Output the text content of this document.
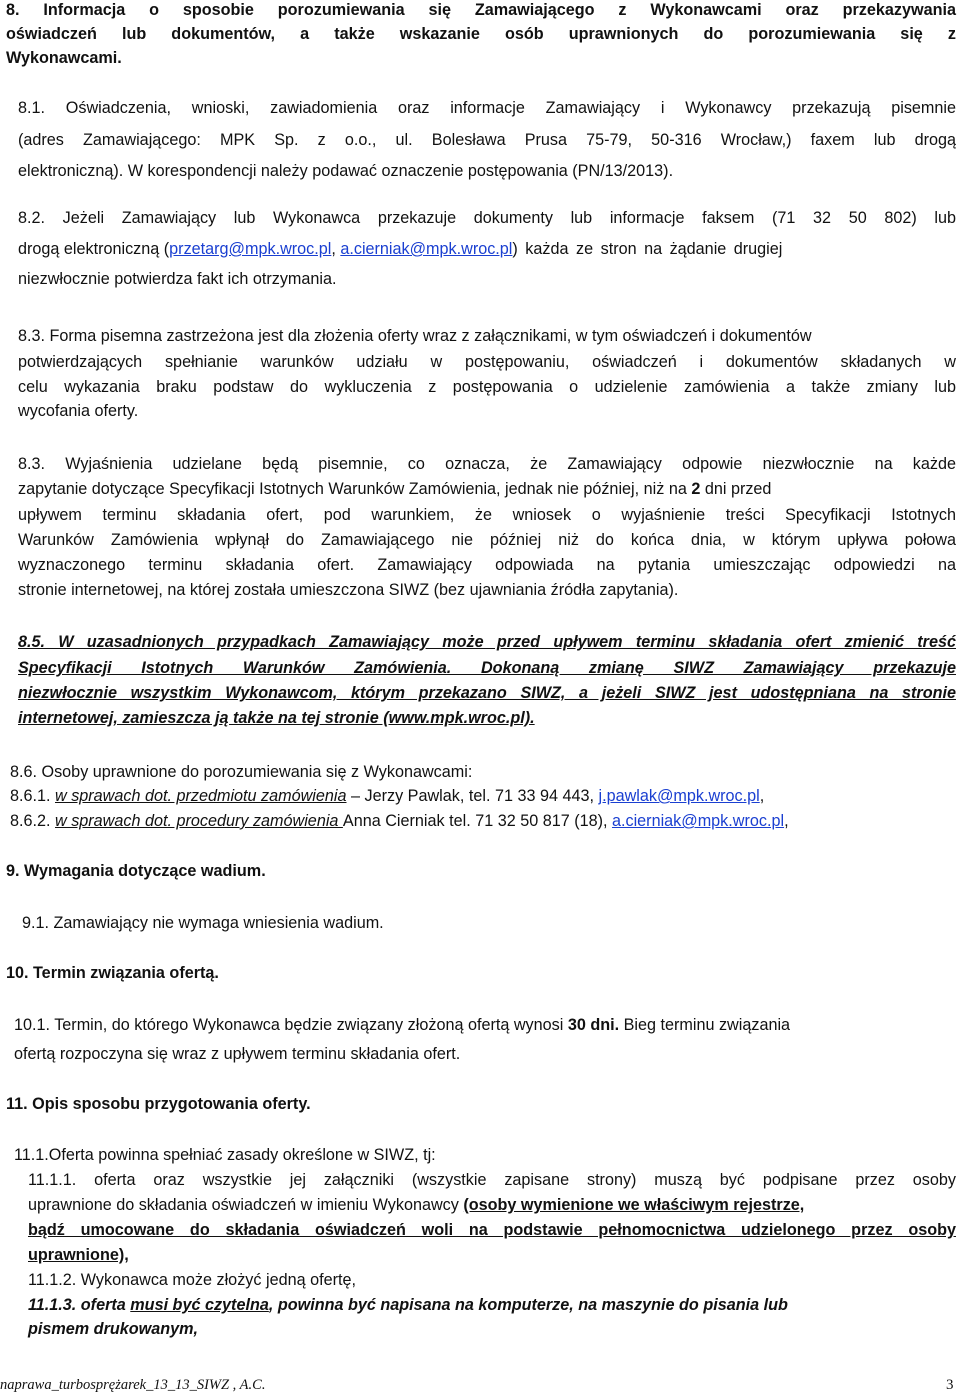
8. Informacja o sposobie porozumiewania się Zamawiającego z Wykonawcami oraz przekazywania
oświadczeń lub dokumentów, a także wskazanie osób uprawnionych do porozumiewania się z
Wykonawcami.
8.1. Oświadczenia, wnioski, zawiadomienia oraz informacje Zamawiający i Wykonawcy przekazują pisemnie
(adres Zamawiającego: MPK Sp. z o.o., ul. Bolesława Prusa 75-79, 50-316 Wrocław,) faxem lub drogą
elektroniczną). W korespondencji należy podawać oznaczenie postępowania (PN/13/2013).
8.2. Jeżeli Zamawiający lub Wykonawca przekazuje dokumenty lub informacje faksem (71 32 50 802) lub
drogą elektroniczną (przetarg@mpk.wroc.pl, a.cierniak@mpk.wroc.pl) każda ze stron na żądanie drugiej
niezwłocznie potwierdza fakt ich otrzymania.
8.3. Forma pisemna zastrzeżona jest dla złożenia oferty wraz z załącznikami, w tym oświadczeń i dokumentów
potwierdzających spełnianie warunków udziału w postępowaniu, oświadczeń i dokumentów składanych w
celu wykazania braku podstaw do wykluczenia z postępowania o udzielenie zamówienia a także zmiany lub
wycofania oferty.
8.3. Wyjaśnienia udzielane będą pisemnie, co oznacza, że Zamawiający odpowie niezwłocznie na każde
zapytanie dotyczące Specyfikacji Istotnych Warunków Zamówienia, jednak nie później, niż na 2 dni przed
upływem terminu składania ofert, pod warunkiem, że wniosek o wyjaśnienie treści Specyfikacji Istotnych
Warunków Zamówienia wpłynął do Zamawiającego nie później niż do końca dnia, w którym upływa połowa
wyznaczonego terminu składania ofert. Zamawiający odpowiada na pytania umieszczając odpowiedzi na
stronie internetowej, na której została umieszczona SIWZ (bez ujawniania źródła zapytania).
8.5. W uzasadnionych przypadkach Zamawiający może przed upływem terminu składania ofert zmienić treść
Specyfikacji Istotnych Warunków Zamówienia. Dokonaną zmianę SIWZ Zamawiający przekazuje
niezwłocznie wszystkim Wykonawcom, którym przekazano SIWZ, a jeżeli SIWZ jest udostępniana na stronie
internetowej, zamieszcza ją także na tej stronie (www.mpk.wroc.pl).
8.6. Osoby uprawnione do porozumiewania się z Wykonawcami:
8.6.1. w sprawach dot. przedmiotu zamówienia – Jerzy Pawlak, tel. 71 33 94 443, j.pawlak@mpk.wroc.pl,
8.6.2. w sprawach dot. procedury zamówienia Anna Cierniak tel. 71 32 50 817 (18), a.cierniak@mpk.wroc.pl,
9. Wymagania dotyczące wadium.
9.1. Zamawiający nie wymaga wniesienia wadium.
10. Termin związania ofertą.
10.1. Termin, do którego Wykonawca będzie związany złożoną ofertą wynosi 30 dni. Bieg terminu związania
ofertą rozpoczyna się wraz z upływem terminu składania ofert.
11. Opis sposobu przygotowania oferty.
11.1.Oferta powinna spełniać zasady określone w SIWZ, tj:
11.1.1. oferta oraz wszystkie jej załączniki (wszystkie zapisane strony) muszą być podpisane przez osoby
uprawnione do składania oświadczeń w imieniu Wykonawcy (osoby wymienione we właściwym rejestrze,
bądź umocowane do składania oświadczeń woli na podstawie pełnomocnictwa udzielonego przez osoby
uprawnione),
11.1.2. Wykonawca może złożyć jedną ofertę,
11.1.3. oferta musi być czytelna, powinna być napisana na komputerze, na maszynie do pisania lub
pismem drukowanym,
naprawa_turbosprężarek_13_13_SIWZ , A.C.	3
